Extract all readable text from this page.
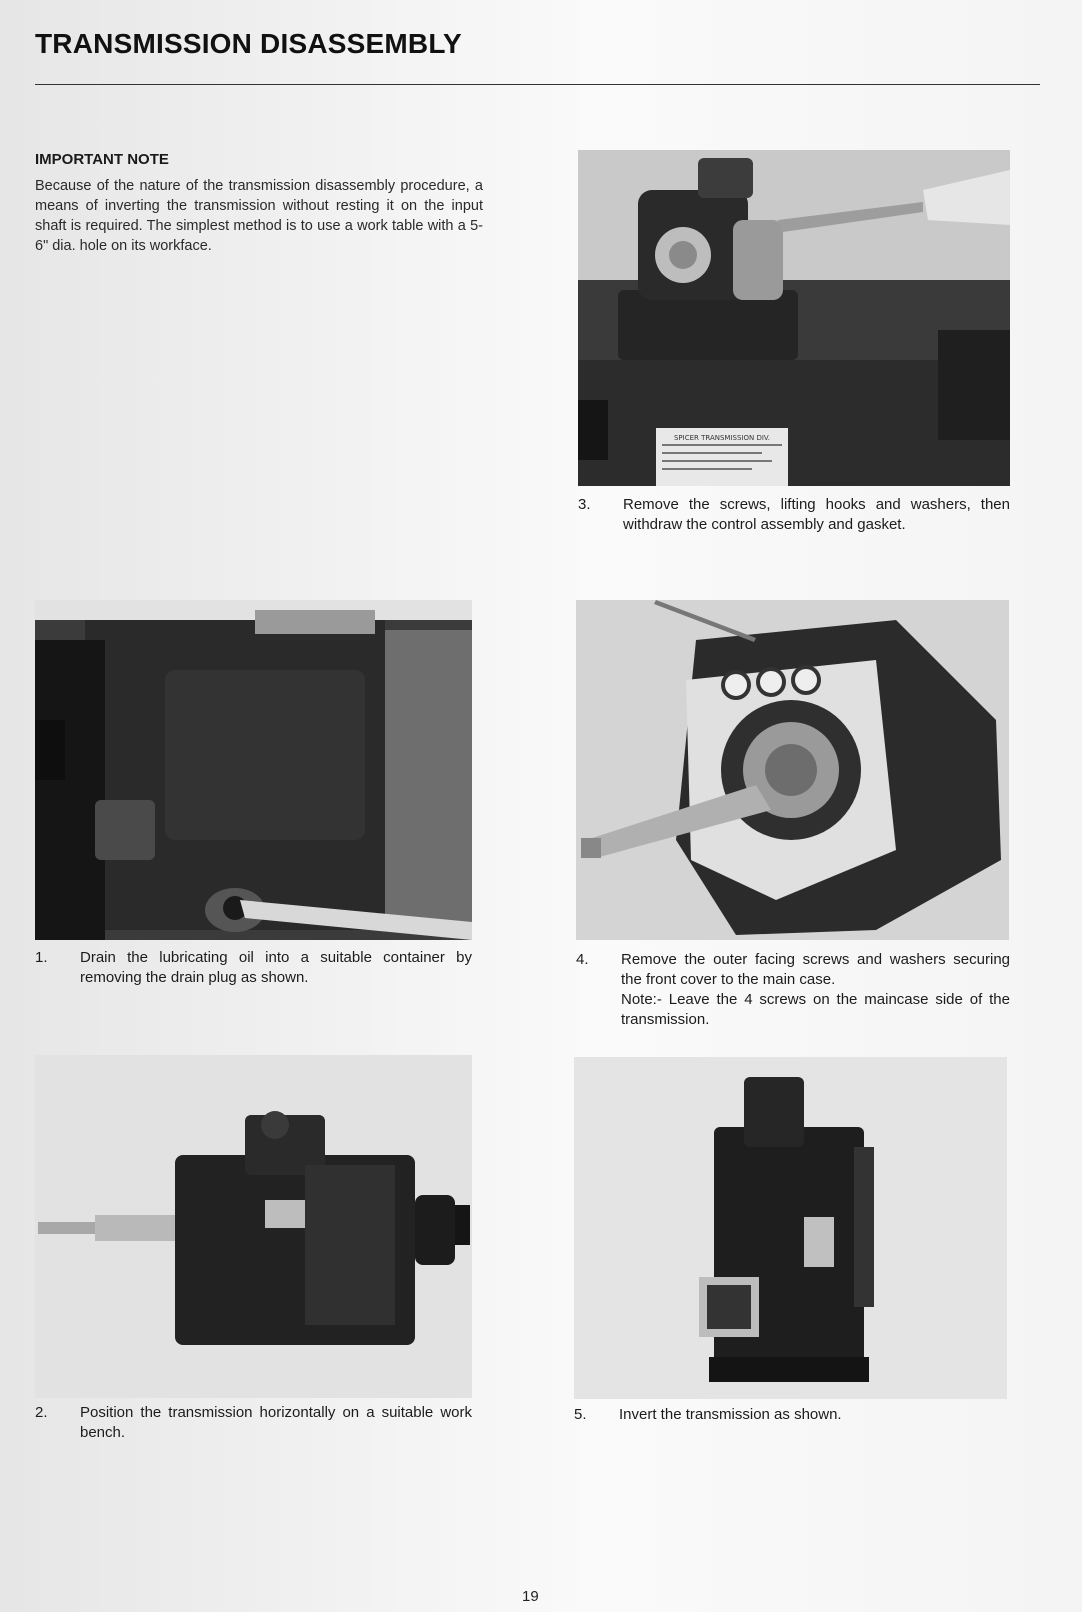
TRANSMISSION DISASSEMBLY
IMPORTANT NOTE
Because of the nature of the transmission disassembly procedure, a means of inverting the transmission without resting it on the input shaft is required. The simplest method is to use a work table with a 5-6" dia. hole on its workface.
SPICER TRANSMISSION DIV.
3. Remove the screws, lifting hooks and washers, then withdraw the control assembly and gasket.
1. Drain the lubricating oil into a suitable container by removing the drain plug as shown.
4. Remove the outer facing screws and washers securing the front cover to the main case.
Note:- Leave the 4 screws on the maincase side of the transmission.
2. Position the transmission horizontally on a suitable work bench.
5. Invert the transmission as shown.
19
